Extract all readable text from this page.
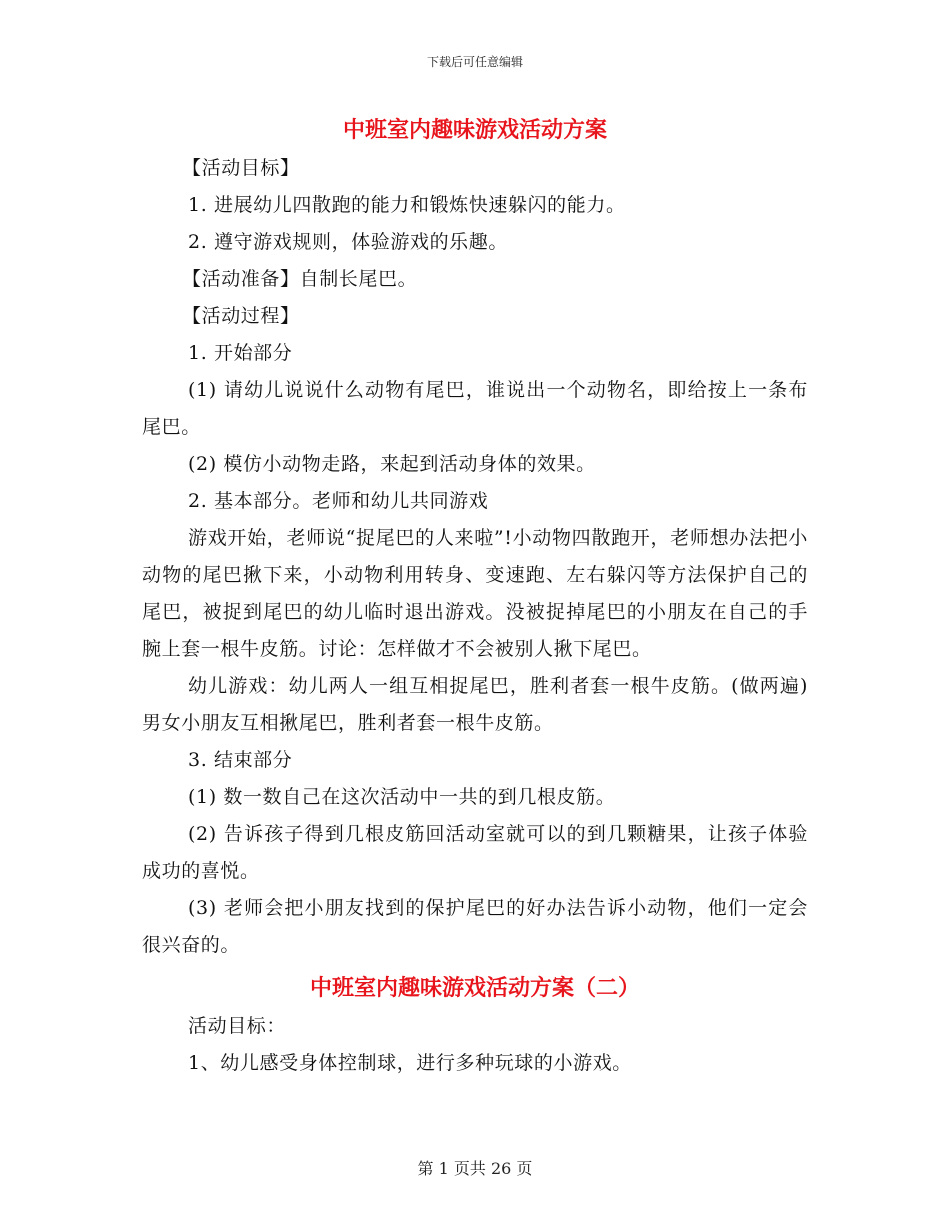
下载后可任意编辑
中班室内趣味游戏活动方案

【活动目标】

1. 进展幼儿四散跑的能力和锻炼快速躲闪的能力。

2. 遵守游戏规则，体验游戏的乐趣。

【活动准备】自制长尾巴。

【活动过程】

1. 开始部分

(1) 请幼儿说说什么动物有尾巴，谁说出一个动物名，即给按上一条布尾巴。

(2) 模仿小动物走路，来起到活动身体的效果。

2. 基本部分。老师和幼儿共同游戏

游戏开始，老师说“捉尾巴的人来啦”!小动物四散跑开，老师想办法把小动物的尾巴揪下来，小动物利用转身、变速跑、左右躲闪等方法保护自己的尾巴，被捉到尾巴的幼儿临时退出游戏。没被捉掉尾巴的小朋友在自己的手腕上套一根牛皮筋。讨论：怎样做才不会被别人揪下尾巴。

幼儿游戏：幼儿两人一组互相捉尾巴，胜利者套一根牛皮筋。(做两遍)男女小朋友互相揪尾巴，胜利者套一根牛皮筋。

3. 结束部分

(1) 数一数自己在这次活动中一共的到几根皮筋。

(2) 告诉孩子得到几根皮筋回活动室就可以的到几颗糖果，让孩子体验成功的喜悦。

(3) 老师会把小朋友找到的保护尾巴的好办法告诉小动物，他们一定会很兴奋的。

中班室内趣味游戏活动方案（二）

活动目标：

1、幼儿感受身体控制球，进行多种玩球的小游戏。

第 1 页共 26 页
